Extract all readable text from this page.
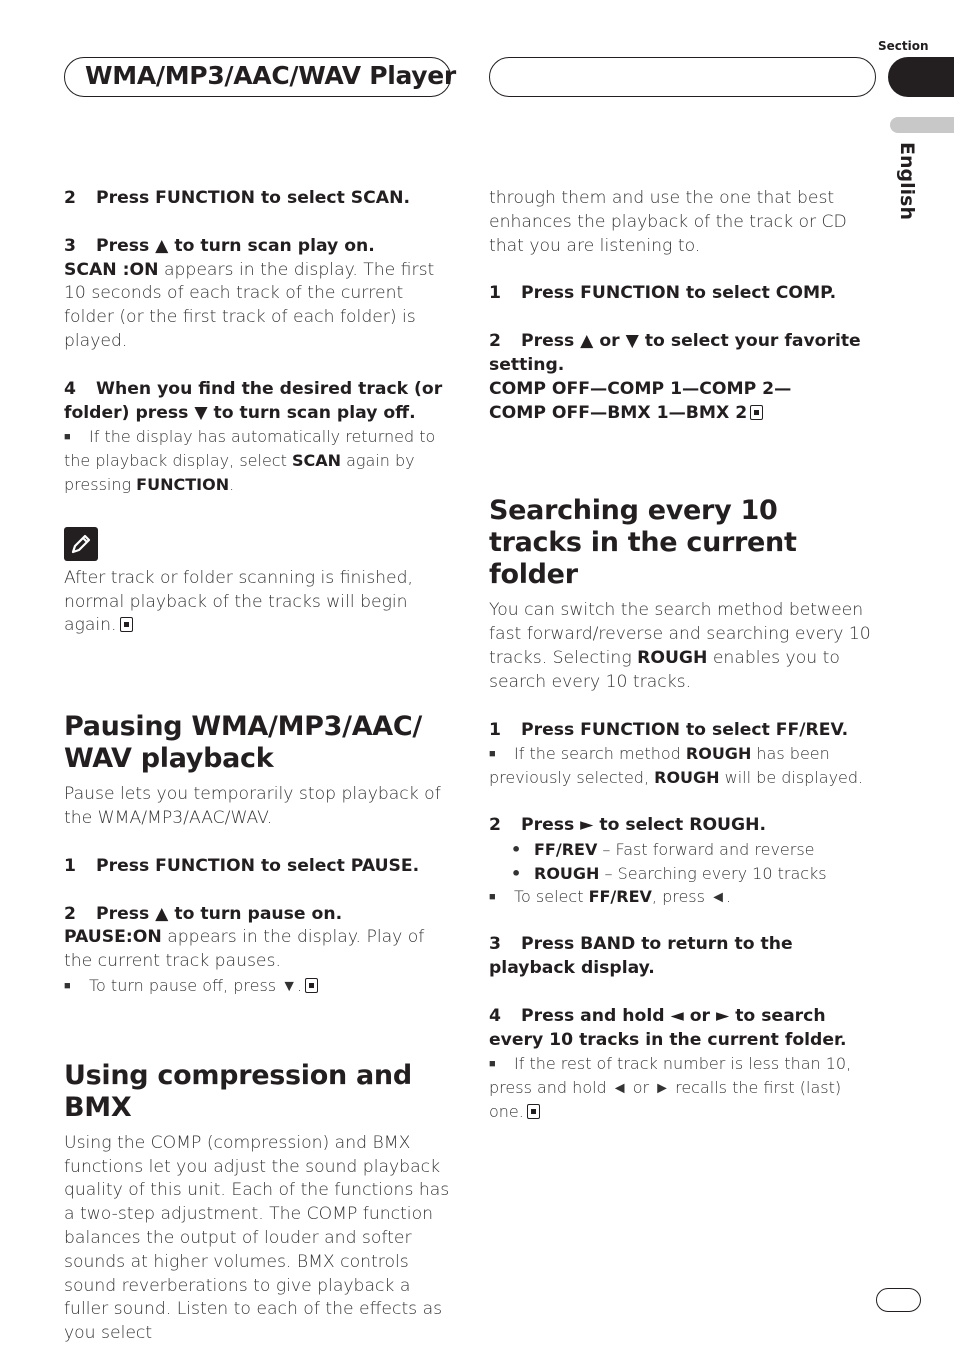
WMA/MP3/AAC/WAV Player
Section
English

2 Press FUNCTION to select SCAN.

3 Press ▲ to turn scan play on.

SCAN :ON appears in the display. The first 10 seconds of each track of the current folder (or the first track of each folder) is played.

4 When you find the desired track (or folder) press ▼ to turn scan play off.

■ If the display has automatically returned to the playback display, select SCAN again by pressing FUNCTION.

After track or folder scanning is finished, normal playback of the tracks will begin again.

Pausing WMA/MP3/AAC/ WAV playback

Pause lets you temporarily stop playback of the WMA/MP3/AAC/WAV.

1 Press FUNCTION to select PAUSE.

2 Press ▲ to turn pause on.

PAUSE:ON appears in the display. Play of the current track pauses.

■ To turn pause off, press ▼.

Using compression and BMX

Using the COMP (compression) and BMX functions let you adjust the sound playback quality of this unit. Each of the functions has a two-step adjustment. The COMP function balances the output of louder and softer sounds at higher volumes. BMX controls sound reverberations to give playback a fuller sound. Listen to each of the effects as you select

through them and use the one that best enhances the playback of the track or CD that you are listening to.

1 Press FUNCTION to select COMP.

2 Press ▲ or ▼ to select your favorite setting.

COMP OFF—COMP 1—COMP 2—

COMP OFF—BMX 1—BMX 2

Searching every 10 tracks in the current folder

You can switch the search method between fast forward/reverse and searching every 10 tracks. Selecting ROUGH enables you to search every 10 tracks.

1 Press FUNCTION to select FF/REV.

■ If the search method ROUGH has been previously selected, ROUGH will be displayed.

2 Press ► to select ROUGH.

• FF/REV – Fast forward and reverse

• ROUGH – Searching every 10 tracks

■ To select FF/REV, press ◄.

3 Press BAND to return to the playback display.

4 Press and hold ◄ or ► to search every 10 tracks in the current folder.

■ If the rest of track number is less than 10, press and hold ◄ or ► recalls the first (last) one.
